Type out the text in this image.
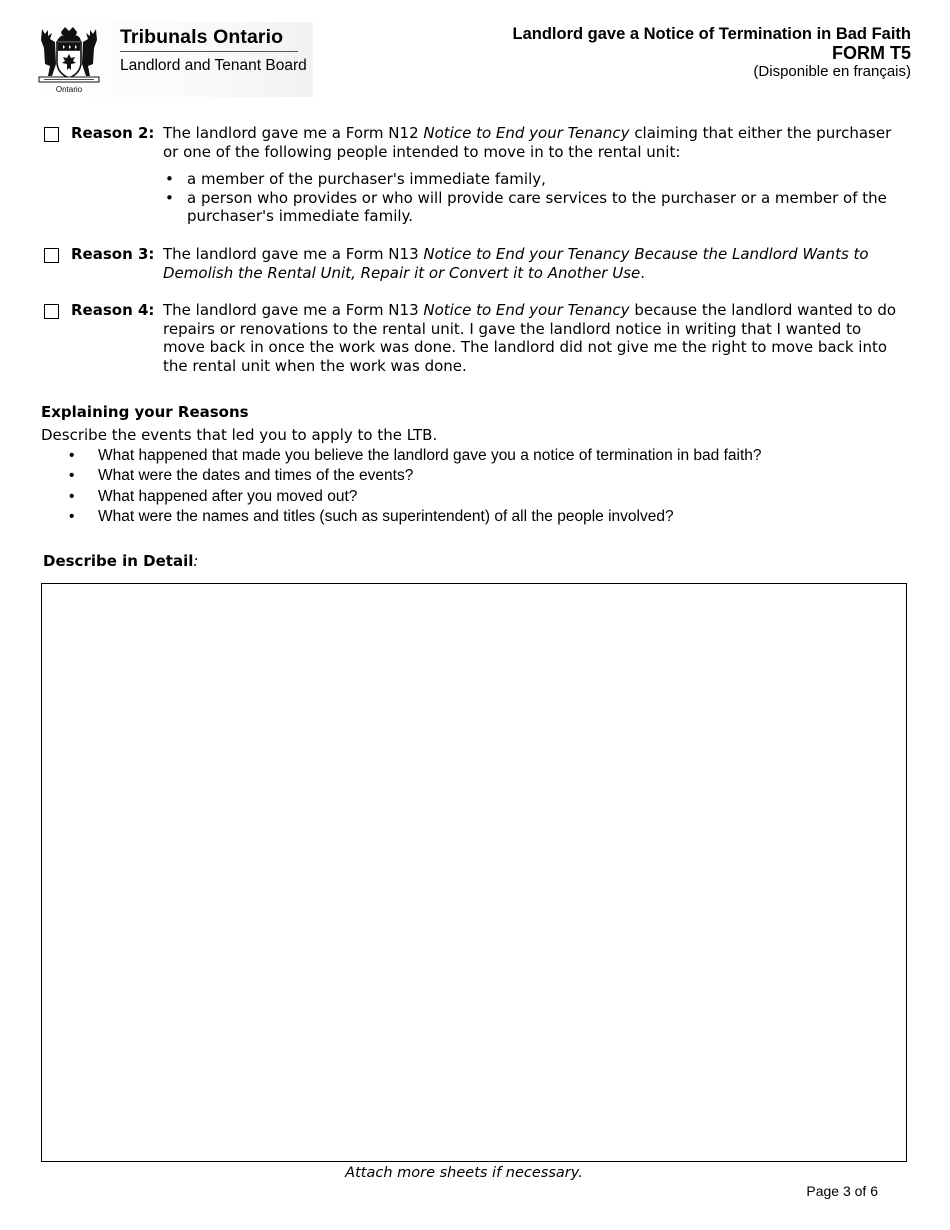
Ontario
Tribunals Ontario
Landlord and Tenant Board
Landlord gave a Notice of Termination in Bad Faith
FORM T5
(Disponible en français)
Reason 2: The landlord gave me a Form N12 Notice to End your Tenancy claiming that either the purchaser or one of the following people intended to move in to the rental unit:
• a member of the purchaser's immediate family,
• a person who provides or who will provide care services to the purchaser or a member of the purchaser's immediate family.
Reason 3: The landlord gave me a Form N13 Notice to End your Tenancy Because the Landlord Wants to Demolish the Rental Unit, Repair it or Convert it to Another Use.
Reason 4: The landlord gave me a Form N13 Notice to End your Tenancy because the landlord wanted to do repairs or renovations to the rental unit. I gave the landlord notice in writing that I wanted to move back in once the work was done. The landlord did not give me the right to move back into the rental unit when the work was done.
Explaining your Reasons
Describe the events that led you to apply to the LTB.
• What happened that made you believe the landlord gave you a notice of termination in bad faith?
• What were the dates and times of the events?
• What happened after you moved out?
• What were the names and titles (such as superintendent) of all the people involved?
Describe in Detail:
Attach more sheets if necessary.
Page 3 of 6
